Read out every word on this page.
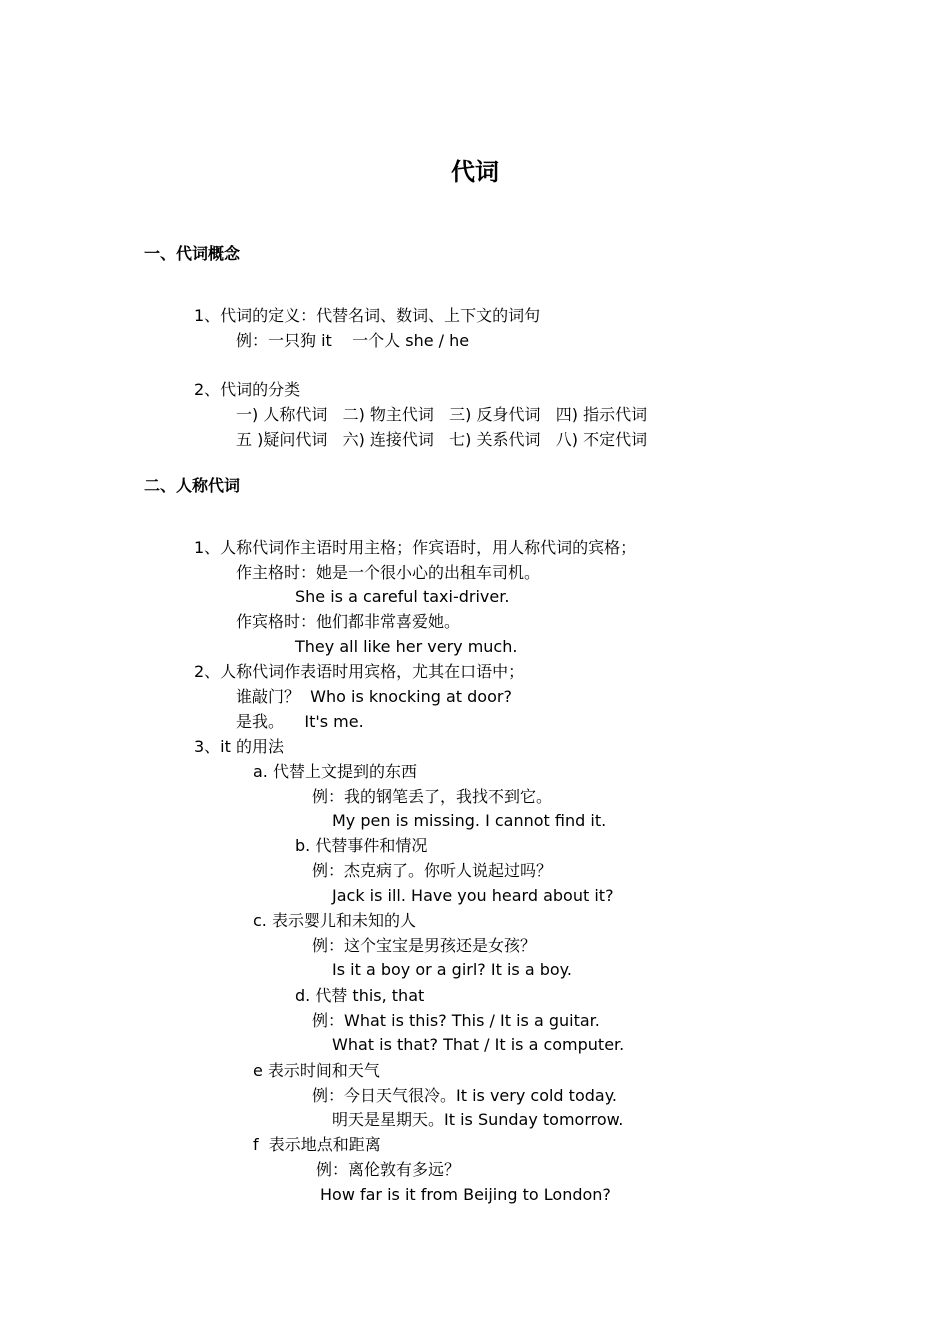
代词
一、代词概念
1、代词的定义：代替名词、数词、上下文的词句
例：一只狗 it    一个人 she / he
2、代词的分类
一) 人称代词   二) 物主代词   三) 反身代词   四) 指示代词
五 )疑问代词   六) 连接代词   七) 关系代词   八) 不定代词
二、人称代词
1、人称代词作主语时用主格；作宾语时，用人称代词的宾格；
作主格时：她是一个很小心的出租车司机。
She is a careful taxi-driver.
作宾格时：他们都非常喜爱她。
They all like her very much.
2、人称代词作表语时用宾格，尤其在口语中；
谁敲门？  Who is knocking at door?
是我。    It's me.
3、it 的用法
a. 代替上文提到的东西
例：我的钢笔丢了，我找不到它。
My pen is missing. I cannot find it.
b. 代替事件和情况
例：杰克病了。你听人说起过吗？
Jack is ill. Have you heard about it?
c. 表示婴儿和未知的人
例：这个宝宝是男孩还是女孩？
Is it a boy or a girl? It is a boy.
d. 代替 this, that
例：What is this? This / It is a guitar.
What is that? That / It is a computer.
e 表示时间和天气
例：今日天气很冷。It is very cold today.
明天是星期天。It is Sunday tomorrow.
f  表示地点和距离
例：离伦敦有多远？
How far is it from Beijing to London?
